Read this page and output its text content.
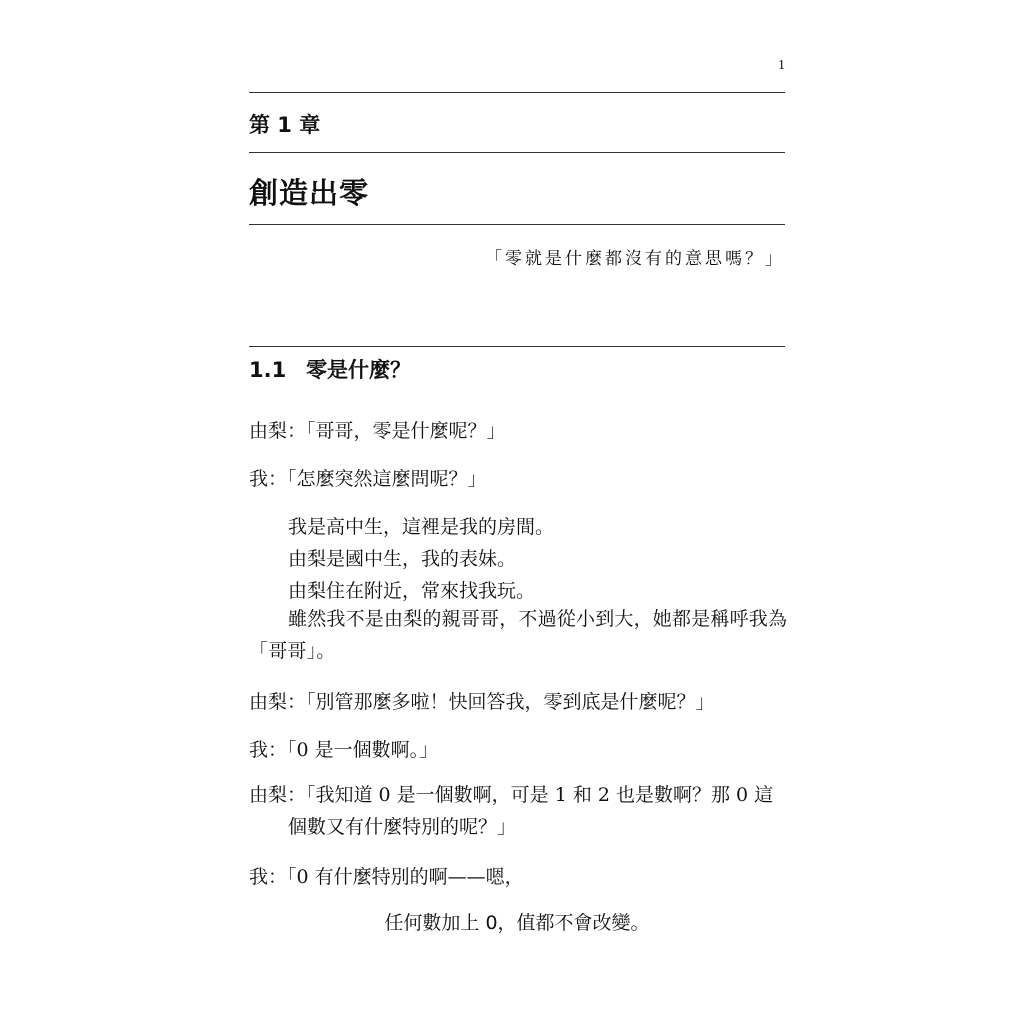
1
第 1 章
創造出零
「零就是什麼都沒有的意思嗎？」
1.1 零是什麼？
由梨：「哥哥，零是什麼呢？」
我：「怎麼突然這麼問呢？」
我是高中生，這裡是我的房間。
由梨是國中生，我的表妹。
由梨住在附近，常來找我玩。
雖然我不是由梨的親哥哥，不過從小到大，她都是稱呼我為「哥哥」。
由梨：「別管那麼多啦！快回答我，零到底是什麼呢？」
我：「0 是一個數啊。」
由梨：「我知道 0 是一個數啊，可是 1 和 2 也是數啊？那 0 這個數又有什麼特別的呢？」
我：「0 有什麼特別的啊——嗯，
任何數加上 0，值都不會改變。
